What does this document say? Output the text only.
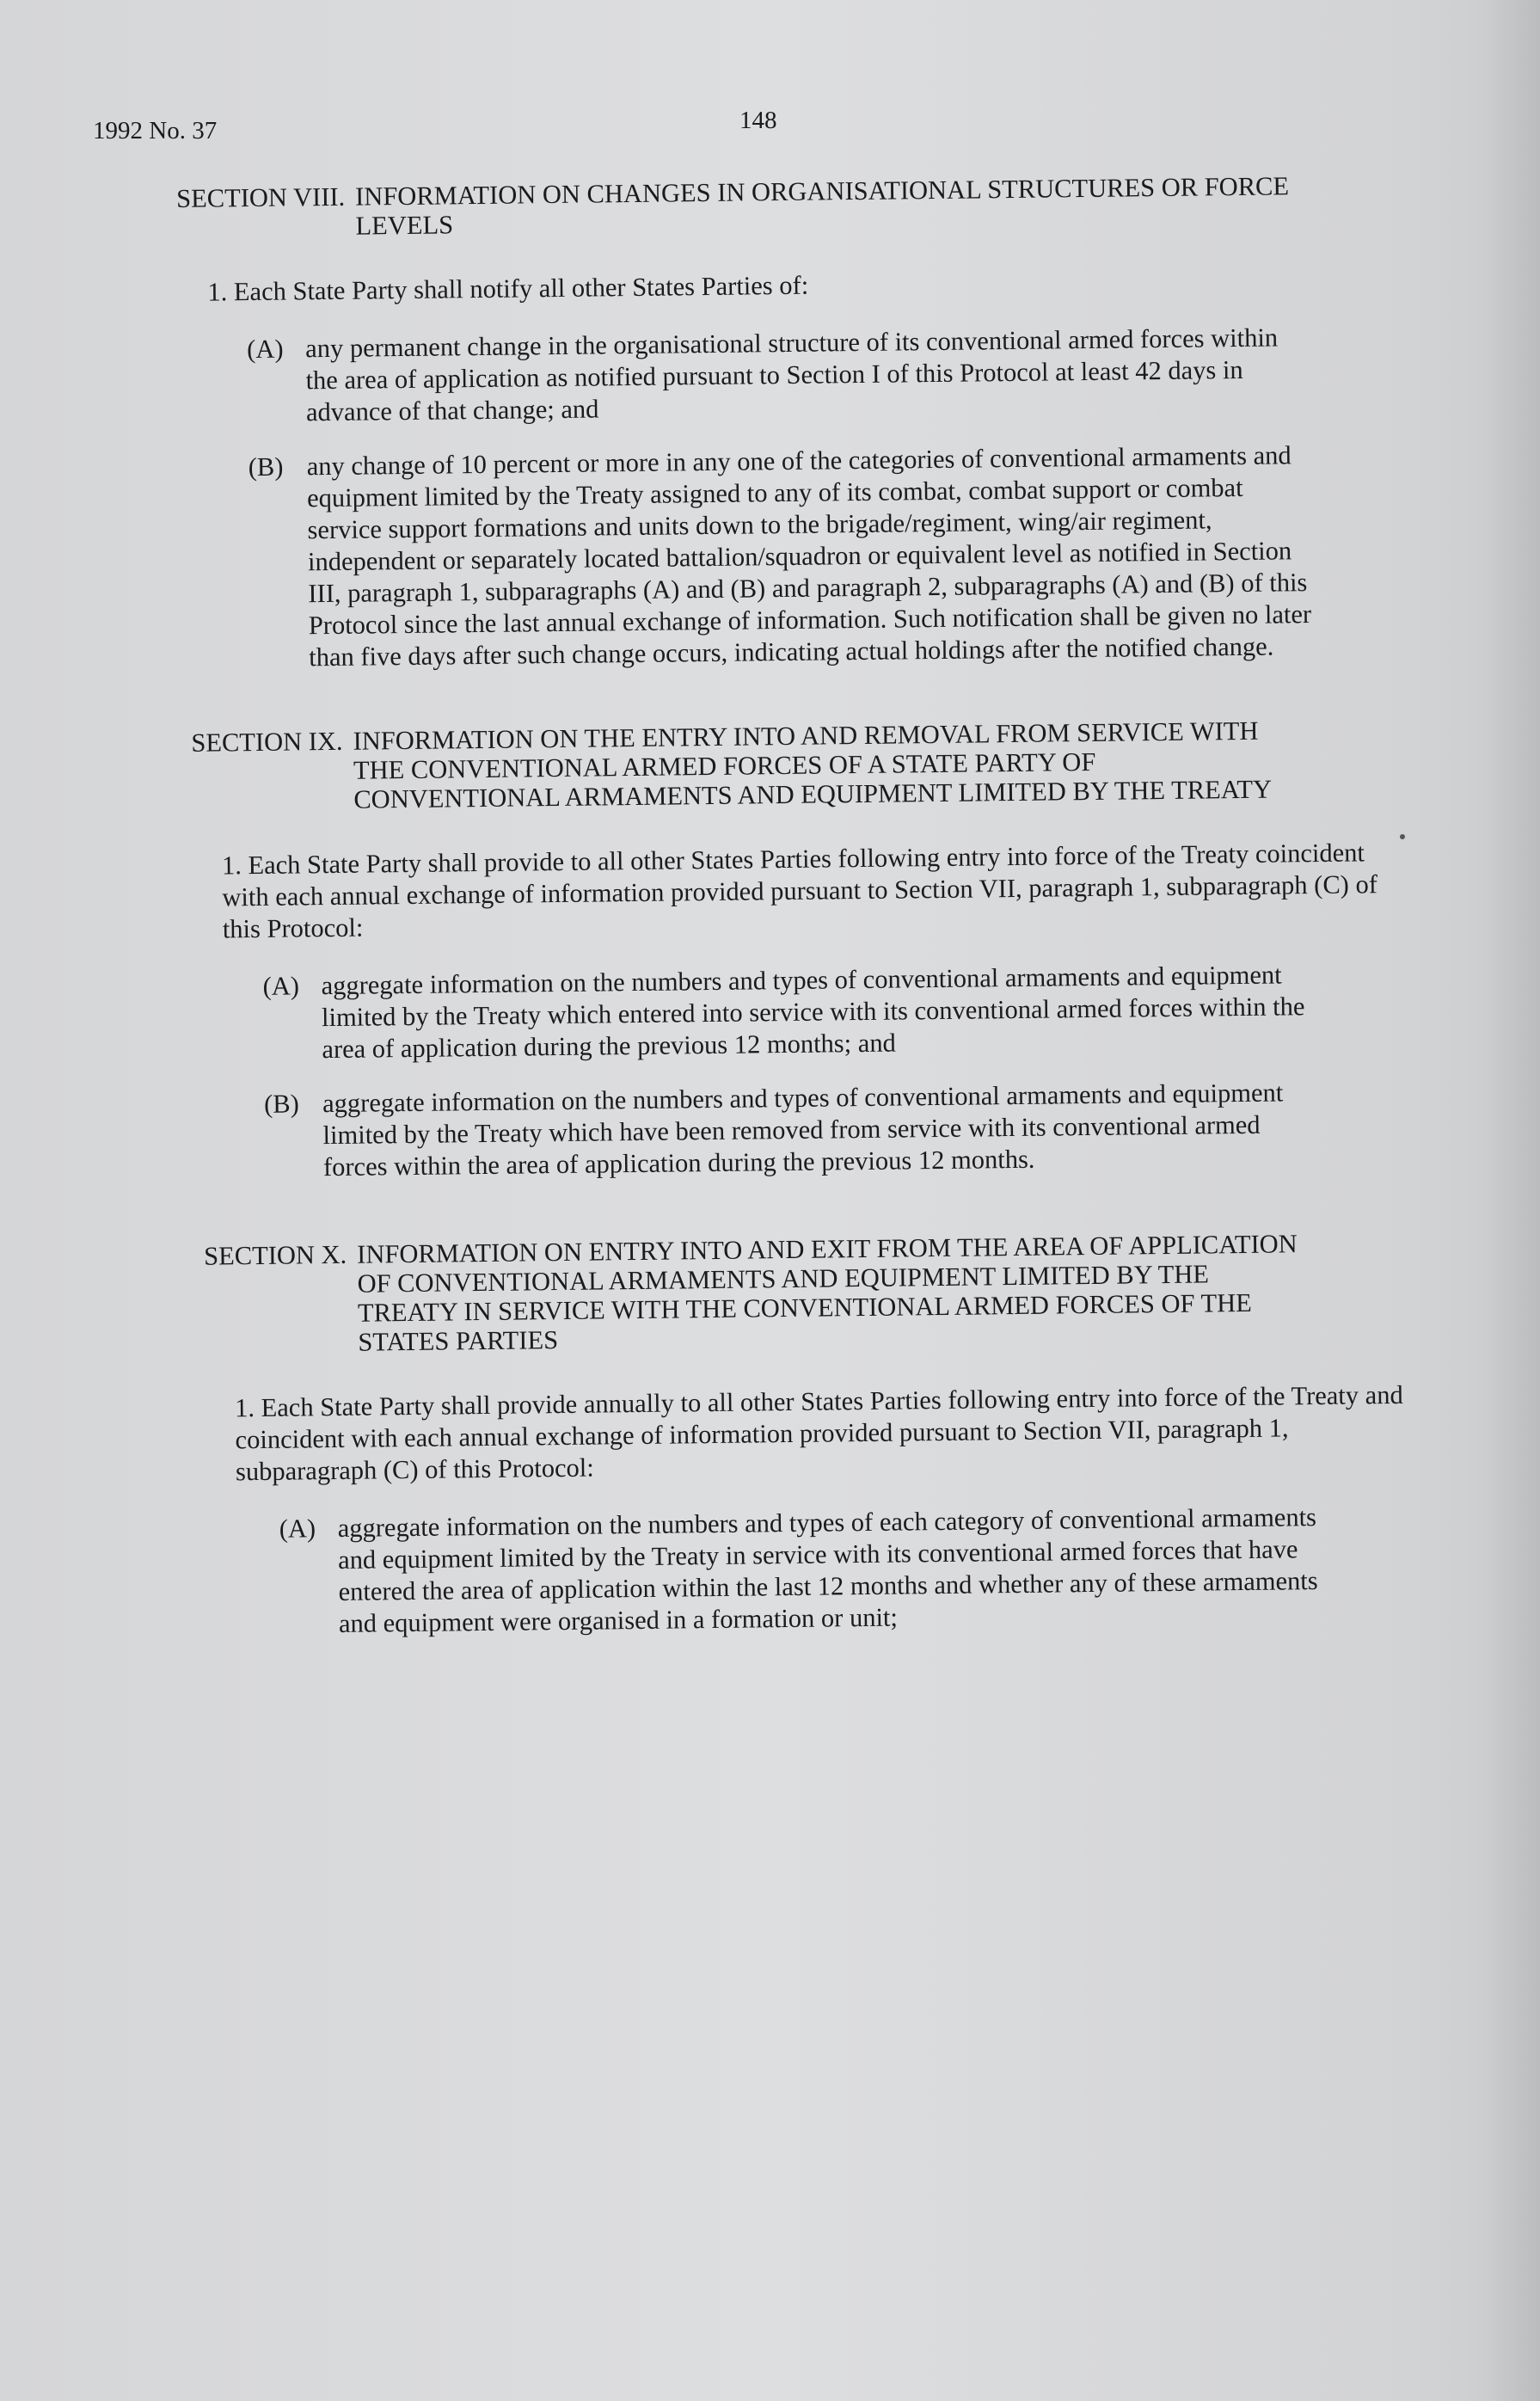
1992 No. 37	148
SECTION VIII. INFORMATION ON CHANGES IN ORGANISATIONAL STRUCTURES OR FORCE LEVELS

1. Each State Party shall notify all other States Parties of:

(A) any permanent change in the organisational structure of its conventional armed forces within the area of application as notified pursuant to Section I of this Protocol at least 42 days in advance of that change; and
(B) any change of 10 percent or more in any one of the categories of conventional armaments and equipment limited by the Treaty assigned to any of its combat, combat support or combat service support formations and units down to the brigade/regiment, wing/air regiment, independent or separately located battalion/squadron or equivalent level as notified in Section III, paragraph 1, subparagraphs (A) and (B) and paragraph 2, subparagraphs (A) and (B) of this Protocol since the last annual exchange of information. Such notification shall be given no later than five days after such change occurs, indicating actual holdings after the notified change.
SECTION IX. INFORMATION ON THE ENTRY INTO AND REMOVAL FROM SERVICE WITH THE CONVENTIONAL ARMED FORCES OF A STATE PARTY OF CONVENTIONAL ARMAMENTS AND EQUIPMENT LIMITED BY THE TREATY

1. Each State Party shall provide to all other States Parties following entry into force of the Treaty coincident with each annual exchange of information provided pursuant to Section VII, paragraph 1, subparagraph (C) of this Protocol:

(A) aggregate information on the numbers and types of conventional armaments and equipment limited by the Treaty which entered into service with its conventional armed forces within the area of application during the previous 12 months; and
(B) aggregate information on the numbers and types of conventional armaments and equipment limited by the Treaty which have been removed from service with its conventional armed forces within the area of application during the previous 12 months.
SECTION X. INFORMATION ON ENTRY INTO AND EXIT FROM THE AREA OF APPLICATION OF CONVENTIONAL ARMAMENTS AND EQUIPMENT LIMITED BY THE TREATY IN SERVICE WITH THE CONVENTIONAL ARMED FORCES OF THE STATES PARTIES

1. Each State Party shall provide annually to all other States Parties following entry into force of the Treaty and coincident with each annual exchange of information provided pursuant to Section VII, paragraph 1, subparagraph (C) of this Protocol:

(A) aggregate information on the numbers and types of each category of conventional armaments and equipment limited by the Treaty in service with its conventional armed forces that have entered the area of application within the last 12 months and whether any of these armaments and equipment were organised in a formation or unit;
